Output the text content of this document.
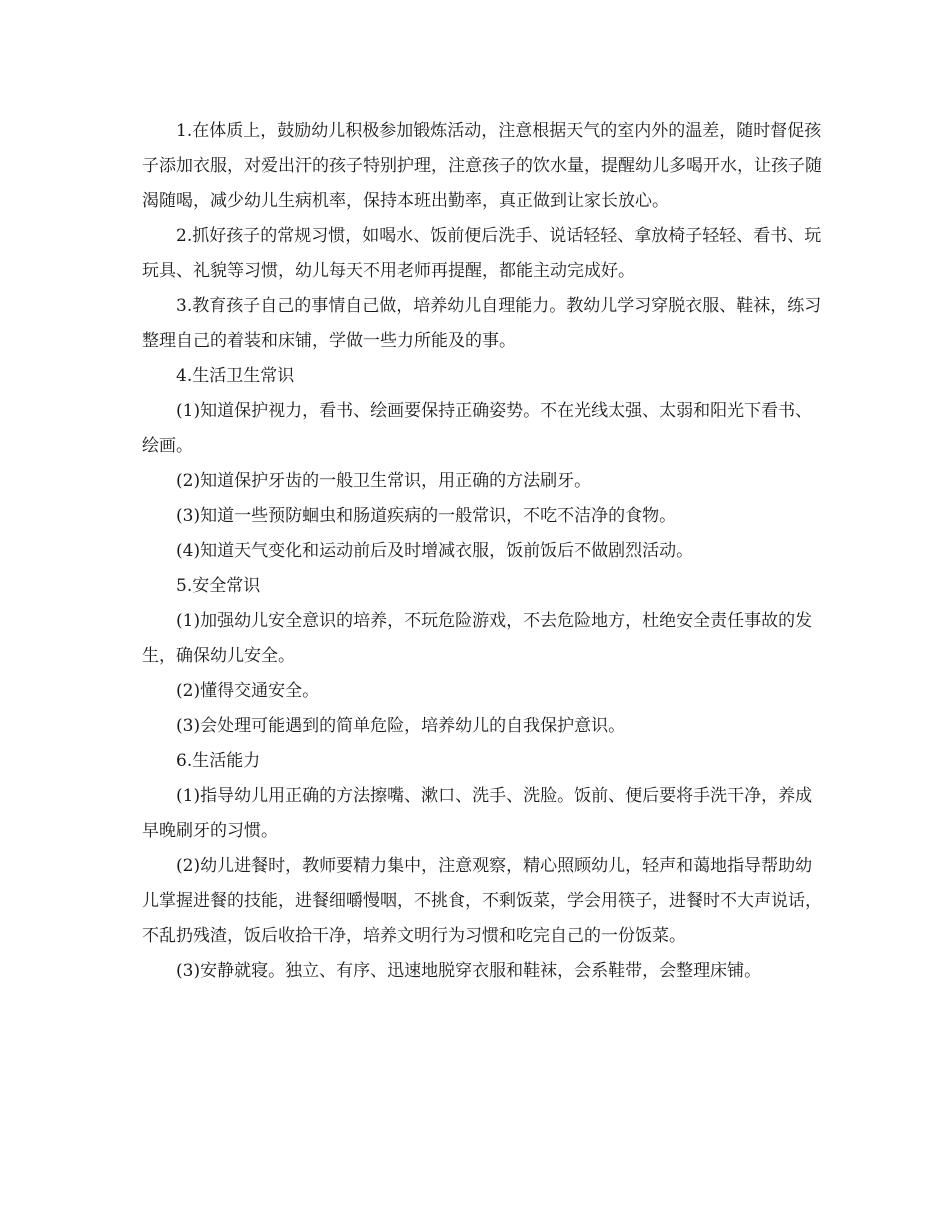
1.在体质上，鼓励幼儿积极参加锻炼活动，注意根据天气的室内外的温差，随时督促孩子添加衣服，对爱出汗的孩子特别护理，注意孩子的饮水量，提醒幼儿多喝开水，让孩子随渴随喝，减少幼儿生病机率，保持本班出勤率，真正做到让家长放心。

2.抓好孩子的常规习惯，如喝水、饭前便后洗手、说话轻轻、拿放椅子轻轻、看书、玩玩具、礼貌等习惯，幼儿每天不用老师再提醒，都能主动完成好。

3.教育孩子自己的事情自己做，培养幼儿自理能力。教幼儿学习穿脱衣服、鞋袜，练习整理自己的着装和床铺，学做一些力所能及的事。

4.生活卫生常识

(1)知道保护视力，看书、绘画要保持正确姿势。不在光线太强、太弱和阳光下看书、绘画。

(2)知道保护牙齿的一般卫生常识，用正确的方法刷牙。

(3)知道一些预防蛔虫和肠道疾病的一般常识，不吃不洁净的食物。

(4)知道天气变化和运动前后及时增减衣服，饭前饭后不做剧烈活动。

5.安全常识

(1)加强幼儿安全意识的培养，不玩危险游戏，不去危险地方，杜绝安全责任事故的发生，确保幼儿安全。

(2)懂得交通安全。

(3)会处理可能遇到的简单危险，培养幼儿的自我保护意识。

6.生活能力

(1)指导幼儿用正确的方法擦嘴、漱口、洗手、洗脸。饭前、便后要将手洗干净，养成早晚刷牙的习惯。

(2)幼儿进餐时，教师要精力集中，注意观察，精心照顾幼儿，轻声和蔼地指导帮助幼儿掌握进餐的技能，进餐细嚼慢咽，不挑食，不剩饭菜，学会用筷子，进餐时不大声说话，不乱扔残渣，饭后收拾干净，培养文明行为习惯和吃完自己的一份饭菜。

(3)安静就寝。独立、有序、迅速地脱穿衣服和鞋袜，会系鞋带，会整理床铺。
